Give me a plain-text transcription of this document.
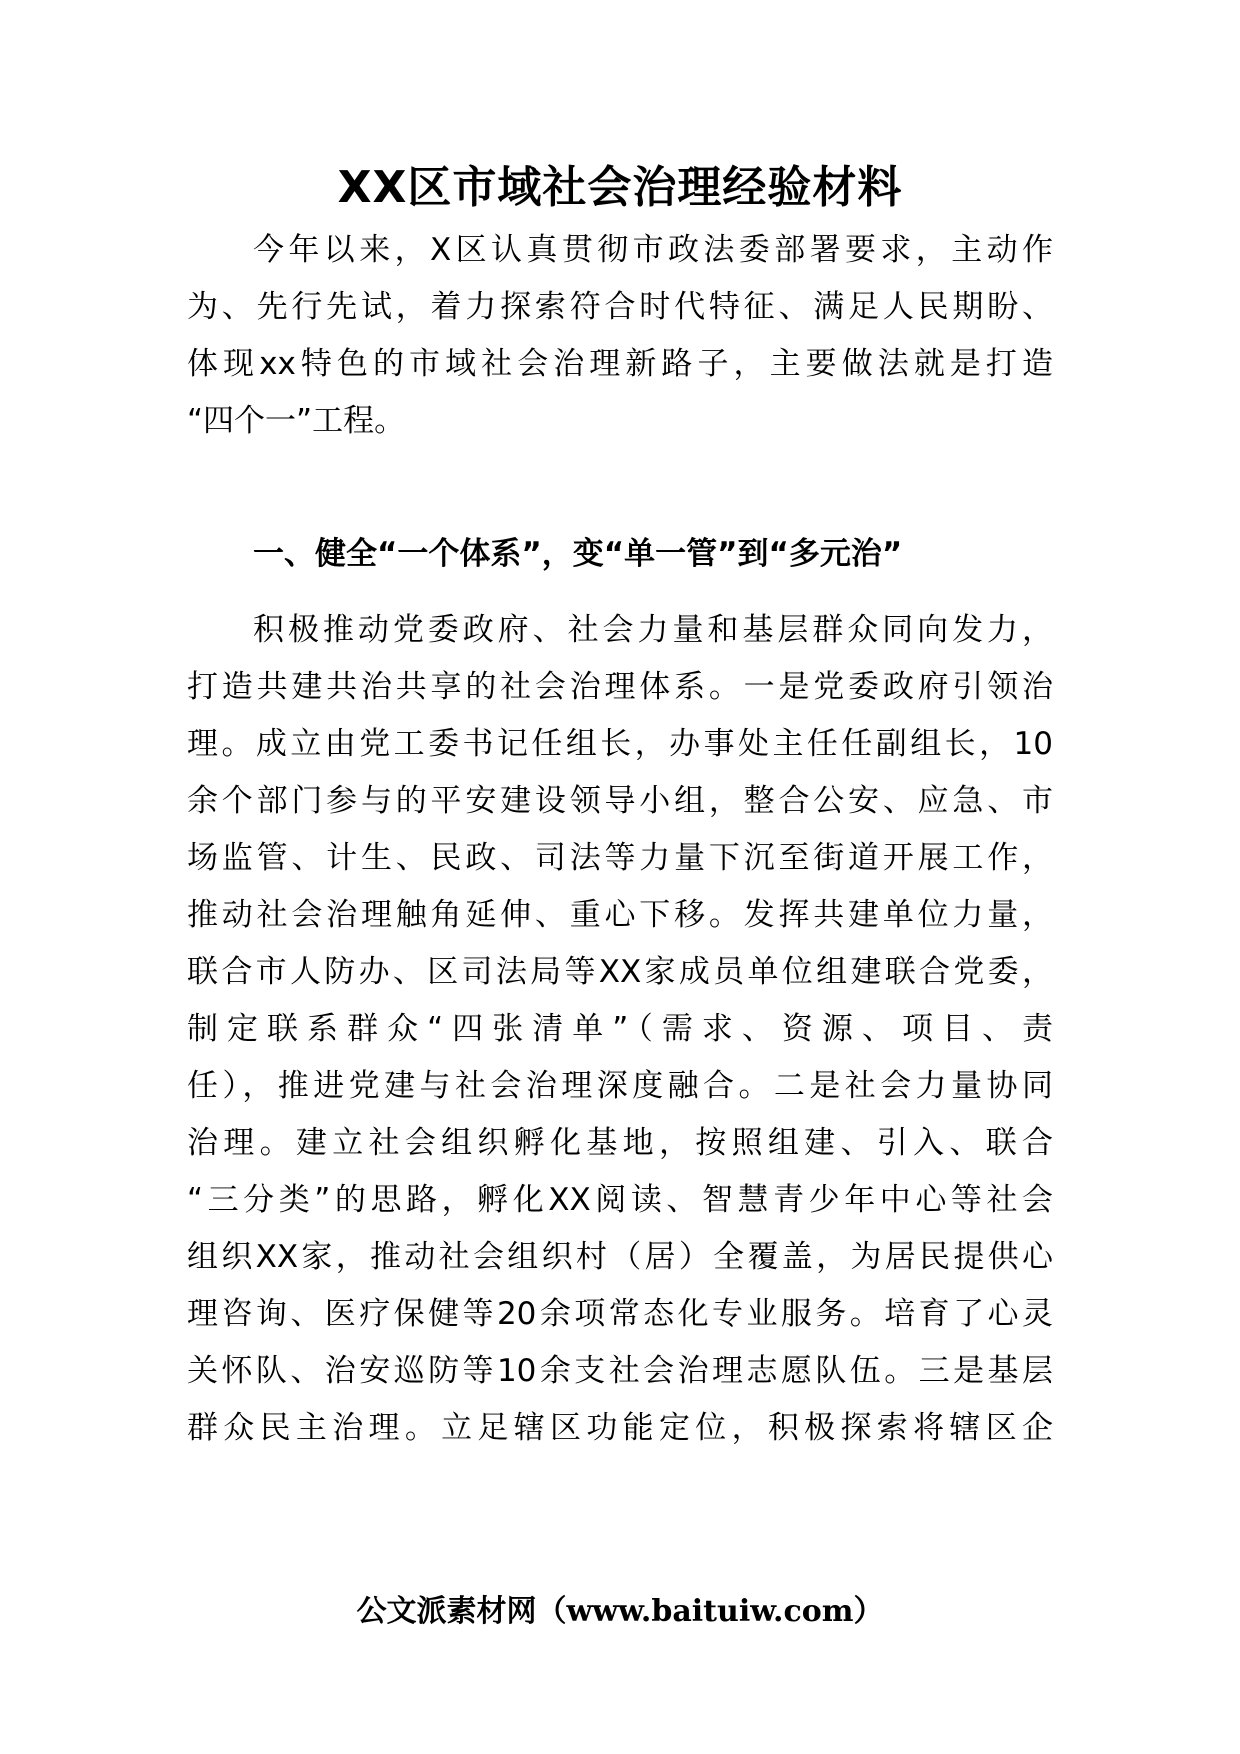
XX区市域社会治理经验材料
今年以来，X区认真贯彻市政法委部署要求，主动作
为、先行先试，着力探索符合时代特征、满足人民期盼、
体现xx特色的市域社会治理新路子，主要做法就是打造
“四个一”工程。
一、健全“一个体系”，变“单一管”到“多元治”
积极推动党委政府、社会力量和基层群众同向发力，
打造共建共治共享的社会治理体系。一是党委政府引领治
理。成立由党工委书记任组长，办事处主任任副组长，10
余个部门参与的平安建设领导小组，整合公安、应急、市
场监管、计生、民政、司法等力量下沉至街道开展工作，
推动社会治理触角延伸、重心下移。发挥共建单位力量，
联合市人防办、区司法局等XX家成员单位组建联合党委，
制定联系群众“四张清单”（需求、资源、项目、责
任），推进党建与社会治理深度融合。二是社会力量协同
治理。建立社会组织孵化基地，按照组建、引入、联合
“三分类”的思路，孵化XX阅读、智慧青少年中心等社会
组织XX家，推动社会组织村（居）全覆盖，为居民提供心
理咨询、医疗保健等20余项常态化专业服务。培育了心灵
关怀队、治安巡防等10余支社会治理志愿队伍。三是基层
群众民主治理。立足辖区功能定位，积极探索将辖区企
公文派素材网（www.baituiw.com）
